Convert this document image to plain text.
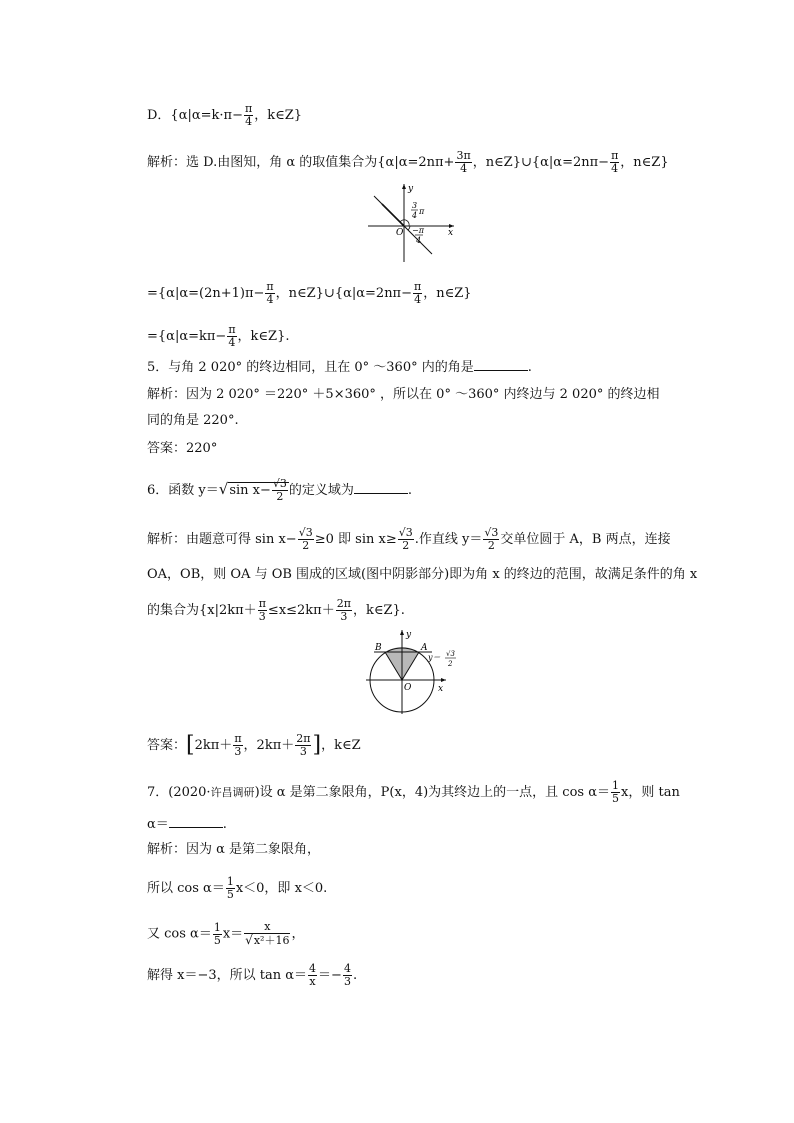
D．{$\alpha|\alpha=k\cdot\pi- \frac{\pi}{4}$ ，k∈Z}
解析：选 D.由图知，角 α 的取值集合为{$\alpha|\alpha=2n\pi+ \frac{3\pi}{4}$ ，n∈Z}∪{α|α=2nπ− $\frac{\pi}{4}$ ，n∈Z}
y
x
O
3
4 π
−π
4
$=\{\alpha|\alpha=(2n+1)\pi- \frac{\pi}{4}$ ，n∈Z}∪{α|α=2nπ− $\frac{\pi}{4}$ ，n∈Z}
$=\{\alpha|\alpha=k\pi- \frac{\pi}{4}$ ，k∈Z}.
5．与角 2 020° 的终边相同，且在 0° ～360° 内的角是	.
解析：因为 2 020° ＝220° ＋5×360° ，所以在 0° ～360° 内终边与 2 020° 的终边相
同的角是 220°.
答案：220°
6．函数 y＝√sin $x- \frac{√3}{2}$ 的定义域为	.
解析：由题意可得 $\sin x- \frac{√3}{2} \ge 0$ 即 $\sin x\ge \frac{√3}{2}$ .作直线 $y= \frac{√3}{2}$ 交单位圆于 A，B 两点，连接
OA，OB，则 OA 与 OB 围成的区域(图中阴影部分)即为角 x 的终边的范围，故满足条件的角 x
的集合为{$x|2k\pi+ \frac{\pi}{3} \le x\le 2k\pi+ \frac{2\pi}{3}$ ，k∈Z}.
y
x
O
A
B
y＝ √3
2
答案：[$2k\pi+ \frac{\pi}{3}$ ，$2k\pi+ \frac{2\pi}{3}$ ]，k∈Z
7．(2020·许昌调研)设 α 是第二象限角，P(x，4)为其终边上的一点，且 $\cos \alpha= \frac{1}{5}$ x，则 tan
α＝	.
解析：因为 α 是第二象限角，
所以 $\cos \alpha= \frac{1}{5} x<0$，即 x＜0.
又 $\cos \alpha= \frac{1}{5} x= \frac{x}{\text{√x²＋16}}$ ，
解得 x＝−3，所以 $\tan \alpha= \frac{4}{x} =- \frac{4}{3}$ .
